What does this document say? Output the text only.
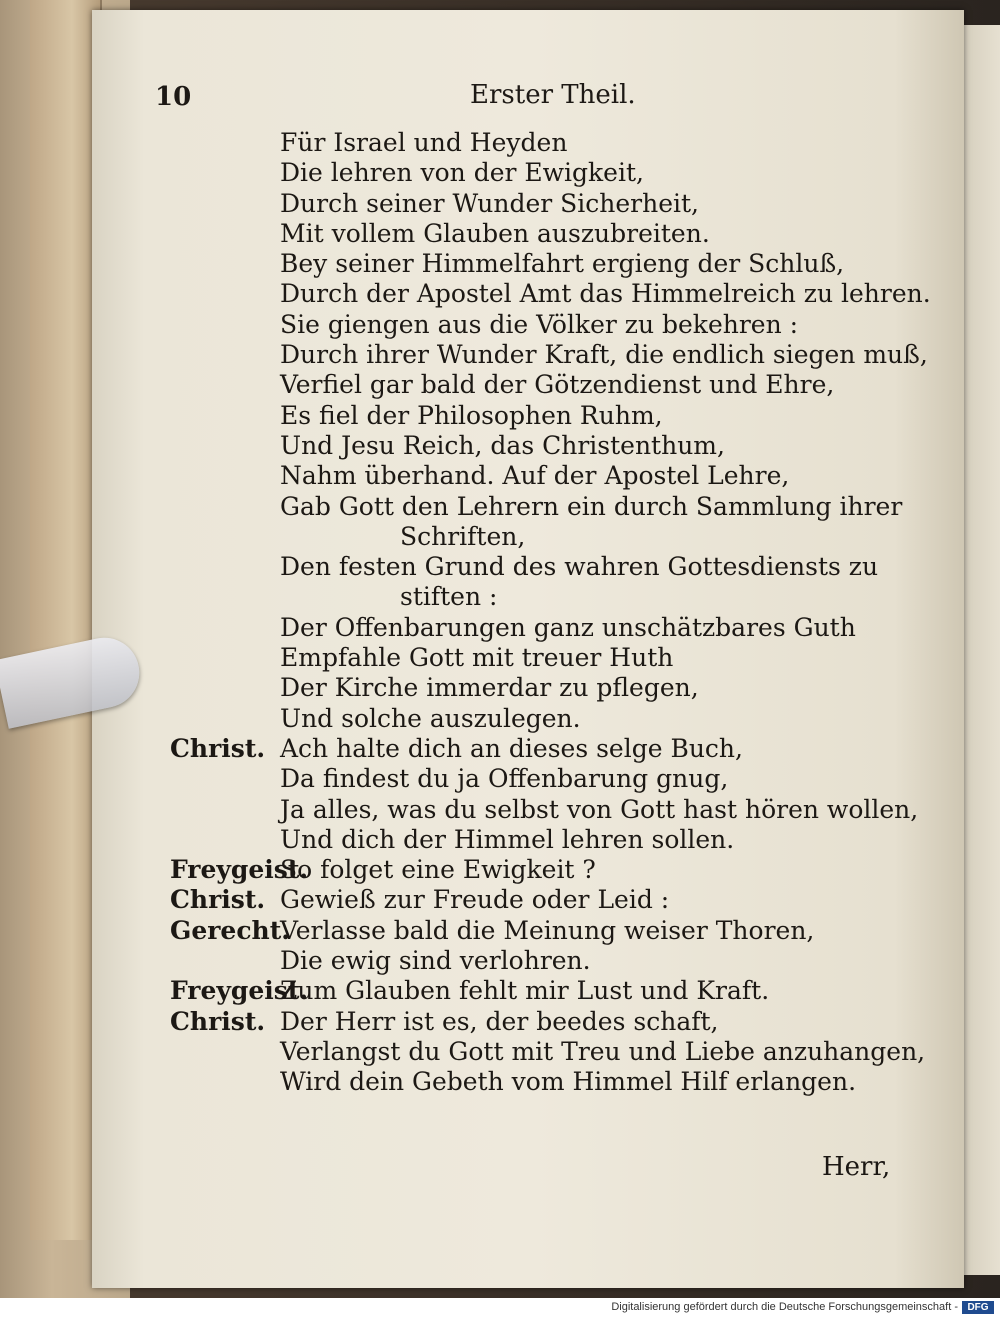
10	Erster Theil.
Für Israel und Heyden
Die lehren von der Ewigkeit,
Durch seiner Wunder Sicherheit,
Mit vollem Glauben auszubreiten.
Bey seiner Himmelfahrt ergieng der Schluß,
Durch der Apostel Amt das Himmelreich zu lehren.
Sie giengen aus die Völker zu bekehren :
Durch ihrer Wunder Kraft, die endlich siegen muß,
Verfiel gar bald der Götzendienst und Ehre,
Es fiel der Philosophen Ruhm,
Und Jesu Reich, das Christenthum,
Nahm überhand. Auf der Apostel Lehre,
Gab Gott den Lehrern ein durch Sammlung ihrer
Schriften,
Den festen Grund des wahren Gottesdiensts zu
stiften :
Der Offenbarungen ganz unschätzbares Guth
Empfahle Gott mit treuer Huth
Der Kirche immerdar zu pflegen,
Und solche auszulegen.
Christ. Ach halte dich an dieses selge Buch,
Da findest du ja Offenbarung gnug,
Ja alles, was du selbst von Gott hast hören wollen,
Und dich der Himmel lehren sollen.
Freygeist.
So folget eine Ewigkeit ?
Christ. Gewieß zur Freude oder Leid :
Gerecht.
Verlasse bald die Meinung weiser Thoren,
Die ewig sind verlohren.
Freygeist.
Zum Glauben fehlt mir Lust und Kraft.
Christ. Der Herr ist es, der beedes schaft,
Verlangst du Gott mit Treu und Liebe anzuhangen,
Wird dein Gebeth vom Himmel Hilf erlangen.
Herr,
Digitalisierung gefördert durch die Deutsche Forschungsgemeinschaft - DFG
